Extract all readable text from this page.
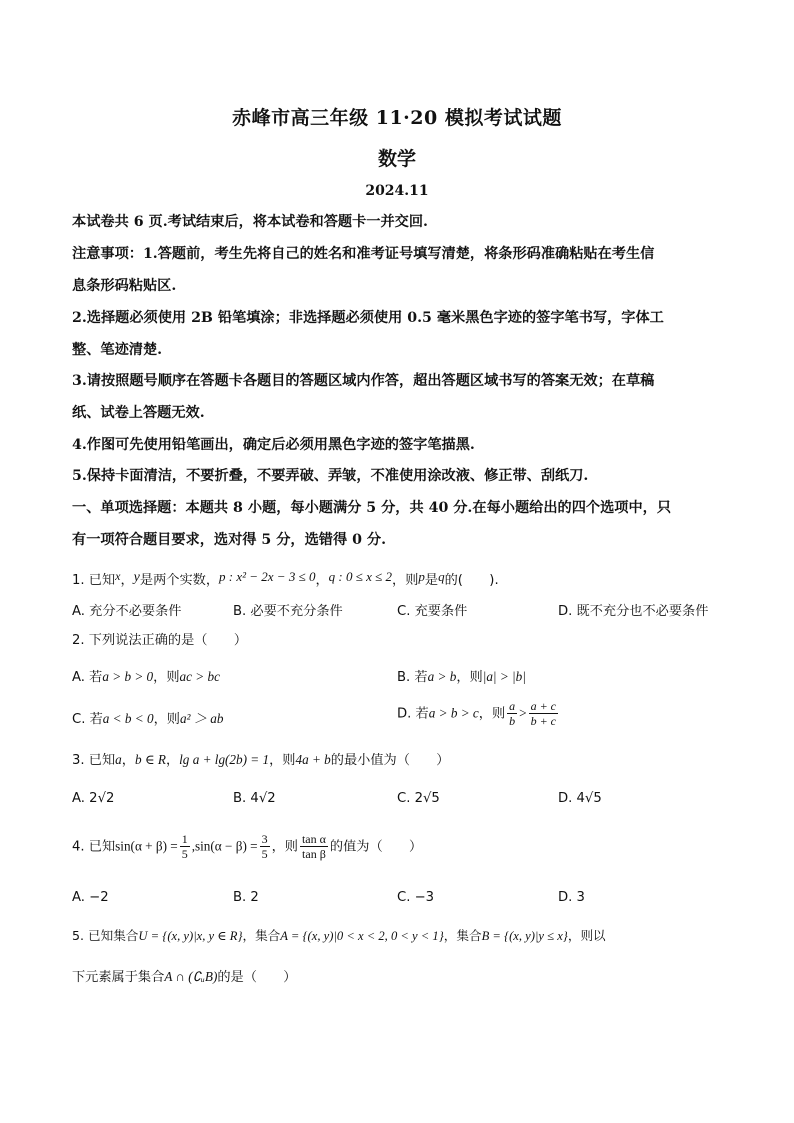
赤峰市高三年级 11·20 模拟考试试题
数学
2024.11
本试卷共 6 页.考试结束后，将本试卷和答题卡一并交回.
注意事项：1.答题前，考生先将自己的姓名和准考证号填写清楚，将条形码准确粘贴在考生信
息条形码粘贴区.
2.选择题必须使用 2B 铅笔填涂；非选择题必须使用 0.5 毫米黑色字迹的签字笔书写，字体工
整、笔迹清楚.
3.请按照题号顺序在答题卡各题目的答题区域内作答，超出答题区域书写的答案无效；在草稿
纸、试卷上答题无效.
4.作图可先使用铅笔画出，确定后必须用黑色字迹的签字笔描黑.
5.保持卡面清洁，不要折叠，不要弄破、弄皱，不准使用涂改液、修正带、刮纸刀.
一、单项选择题：本题共 8 小题，每小题满分 5 分，共 40 分.在每小题给出的四个选项中，只
有一项符合题目要求，选对得 5 分，选错得 0 分.
1. 已知x，y是两个实数，p : x² − 2x − 3 ≤ 0，q : 0 ≤ x ≤ 2，则p是q的(　　).
A. 充分不必要条件	B. 必要不充分条件	C. 充要条件	D. 既不充分也不必要条件
2. 下列说法正确的是（　　）
A. 若a > b > 0，则ac > bc	B. 若a > b，则|a| > |b|
C. 若a < b < 0，则a² ＞ ab	D. 若a > b > c，则 $\frac{a}{b} > \frac{a + c}{b + c}$
3. 已知a，b ∈ R，lg a + lg(2b) = 1，则4a + b的最小值为（　　）
A. 2√2	B. 4√2	C. 2√5	D. 4√5
4. 已知$\sin(\alpha + \beta) = \frac{1}{5} ,\sin(\alpha - \beta) = \frac{3}{5}$ ，则 $\frac{\text{tan α}}{\text{tan β}}$ 的值为（　　）
A. −2	B. 2	C. −3	D. 3
5. 已知集合U = {(x, y)|x, y ∈ R}，集合A = {(x, y)|0 < x < 2, 0 < y < 1}，集合B = {(x, y)|y ≤ x}，则以
下元素属于集合A ∩ (∁ᵤB)的是（　　）
